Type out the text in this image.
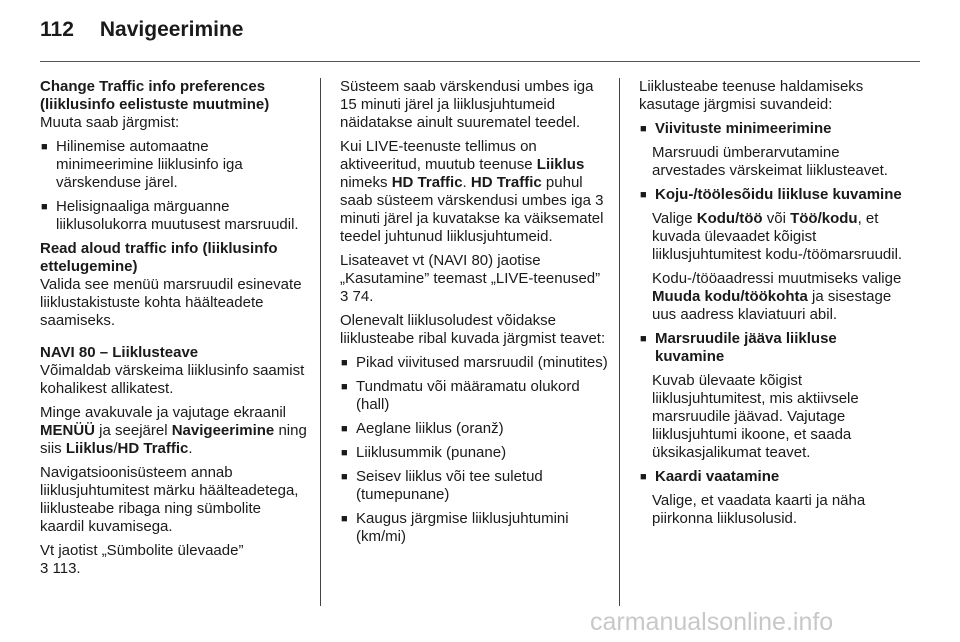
112 Navigeerimine

Change Traffic info preferences (liiklusinfo eelistuste muutmine)

Muuta saab järgmist:

■ Hilinemise automaatne minimeerimine liiklusinfo iga värskenduse järel.
■ Helisignaaliga märguanne liiklusolukorra muutusest marsruudil.

Read aloud traffic info (liiklusinfo ettelugemine)

Valida see menüü marsruudil esinevate liiklustakistuste kohta häälteadete saamiseks.

NAVI 80 – Liiklusteave

Võimaldab värskeima liiklusinfo saamist kohalikest allikatest.

Minge avakuvale ja vajutage ekraanil MENÜÜ ja seejärel Navigeerimine ning siis Liiklus/HD Traffic.

Navigatsioonisüsteem annab liiklusjuhtumitest märku häälteadetega, liiklusteabe ribaga ning sümbolite kaardil kuvamisega.

Vt jaotist „Sümbolite ülevaade”
3 113.

Süsteem saab värskendusi umbes iga 15 minuti järel ja liiklusjuhtumeid näidatakse ainult suurematel teedel.

Kui LIVE-teenuste tellimus on aktiveeritud, muutub teenuse Liiklus nimeks HD Traffic. HD Traffic puhul saab süsteem värskendusi umbes iga 3 minuti järel ja kuvatakse ka väiksematel teedel juhtunud liiklusjuhtumeid.

Lisateavet vt (NAVI 80) jaotise „Kasutamine” teemast „LIVE-teenused” 3 74.

Olenevalt liiklusoludest võidakse liiklusteabe ribal kuvada järgmist teavet:

■ Pikad viivitused marsruudil (minutites)
■ Tundmatu või määramatu olukord (hall)
■ Aeglane liiklus (oranž)
■ Liiklusummik (punane)
■ Seisev liiklus või tee suletud (tumepunane)
■ Kaugus järgmise liiklusjuhtumini (km/mi)

Liiklusteabe teenuse haldamiseks kasutage järgmisi suvandeid:

■ Viivituste minimeerimine

Marsruudi ümberarvutamine arvestades värskeimat liiklusteavet.

■ Koju-/töölesõidu liikluse kuvamine

Valige Kodu/töö või Töö/kodu, et kuvada ülevaadet kõigist liiklusjuhtumitest kodu-/töömarsruudil.

Kodu-/tööaadressi muutmiseks valige Muuda kodu/töökohta ja sisestage uus aadress klaviatuuri abil.

■ Marsruudile jääva liikluse kuvamine

Kuvab ülevaate kõigist liiklusjuhtumitest, mis aktiivsele marsruudile jäävad. Vajutage liiklusjuhtumi ikoone, et saada üksikasjalikumat teavet.

■ Kaardi vaatamine

Valige, et vaadata kaarti ja näha piirkonna liiklusolusid.

carmanualsonline.info
